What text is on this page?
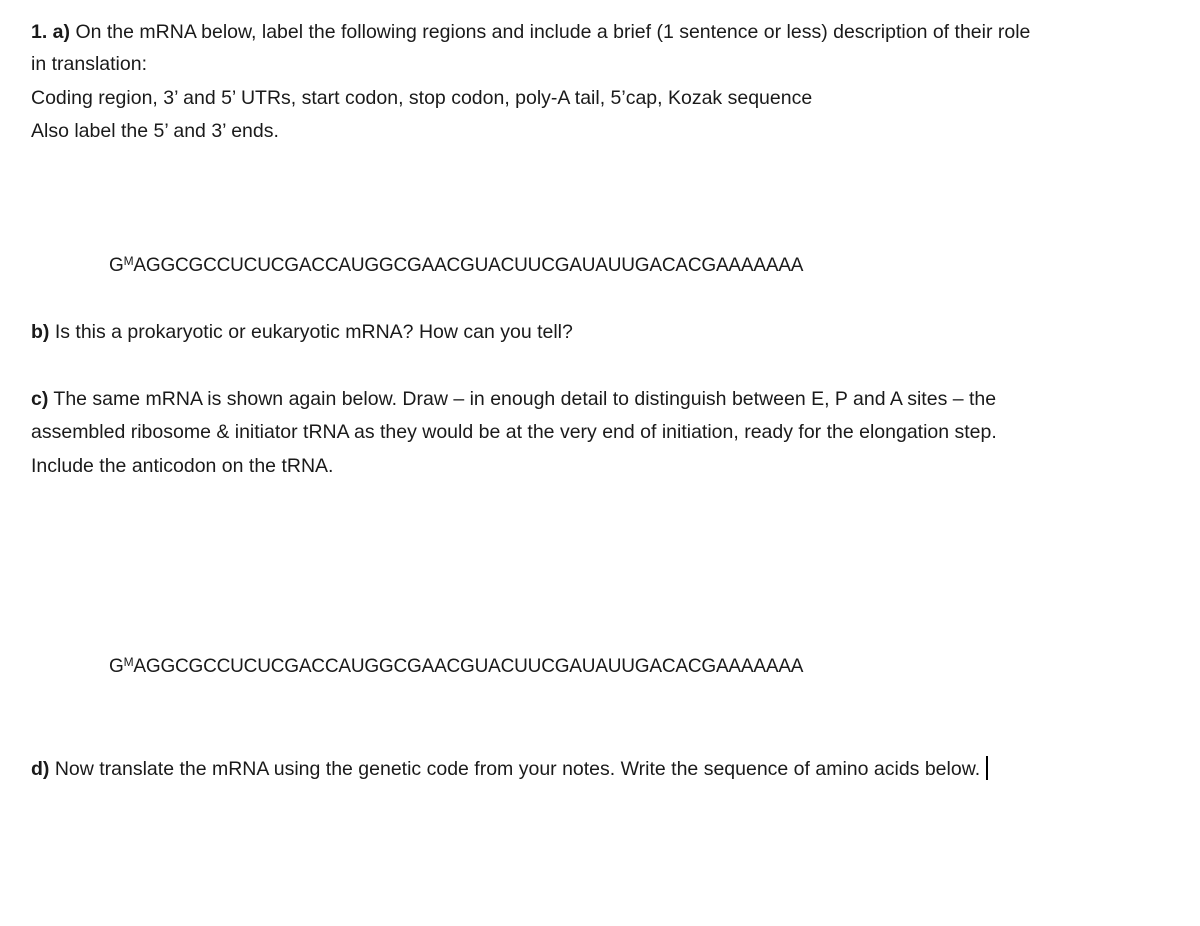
1. a) On the mRNA below, label the following regions and include a brief (1 sentence or less) description of their role
in translation:
Coding region, 3’ and 5’ UTRs, start codon, stop codon, poly-A tail, 5’cap, Kozak sequence
Also label the 5’ and 3’ ends.
$G^MAGGCGCCUCUCGACCAUGGCGAACGUACUUCGAUAUUGACACGAAAAAAA$
b) Is this a prokaryotic or eukaryotic mRNA? How can you tell?
c) The same mRNA is shown again below. Draw – in enough detail to distinguish between E, P and A sites – the
assembled ribosome & initiator tRNA as they would be at the very end of initiation, ready for the elongation step.
Include the anticodon on the tRNA.
$G^MAGGCGCCUCUCGACCAUGGCGAACGUACUUCGAUAUUGACACGAAAAAAA$
d) Now translate the mRNA using the genetic code from your notes. Write the sequence of amino acids below.
